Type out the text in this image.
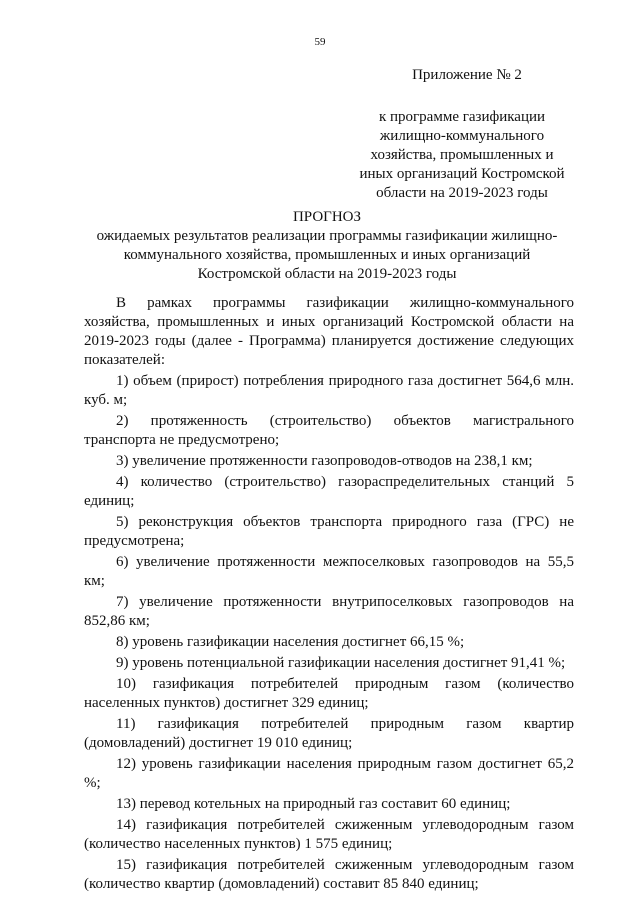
59
Приложение № 2
к программе газификации
жилищно-коммунального
хозяйства, промышленных и
иных организаций Костромской
области на 2019-2023 годы
ПРОГНОЗ
ожидаемых результатов реализации программы газификации жилищно-
коммунального хозяйства, промышленных и иных организаций
Костромской области на 2019-2023 годы

В рамках программы газификации жилищно-коммунального хозяйства, промышленных и иных организаций Костромской области на 2019-2023 годы (далее - Программа) планируется достижение следующих показателей:

1) объем (прирост) потребления природного газа достигнет 564,6 млн. куб. м;

2) протяженность (строительство) объектов магистрального транспорта не предусмотрено;

3) увеличение протяженности газопроводов-отводов на 238,1 км;

4) количество (строительство) газораспределительных станций 5 единиц;

5) реконструкция объектов транспорта природного газа (ГРС) не предусмотрена;

6) увеличение протяженности межпоселковых газопроводов на 55,5 км;

7) увеличение протяженности внутрипоселковых газопроводов на 852,86 км;

8) уровень газификации населения достигнет 66,15 %;

9) уровень потенциальной газификации населения достигнет 91,41 %;

10) газификация потребителей природным газом (количество населенных пунктов) достигнет 329 единиц;

11) газификация потребителей природным газом квартир (домовладений) достигнет 19 010 единиц;

12) уровень газификации населения природным газом достигнет 65,2 %;

13) перевод котельных на природный газ составит 60 единиц;

14) газификация потребителей сжиженным углеводородным газом (количество населенных пунктов) 1 575 единиц;

15) газификация потребителей сжиженным углеводородным газом (количество квартир (домовладений) составит 85 840 единиц;
